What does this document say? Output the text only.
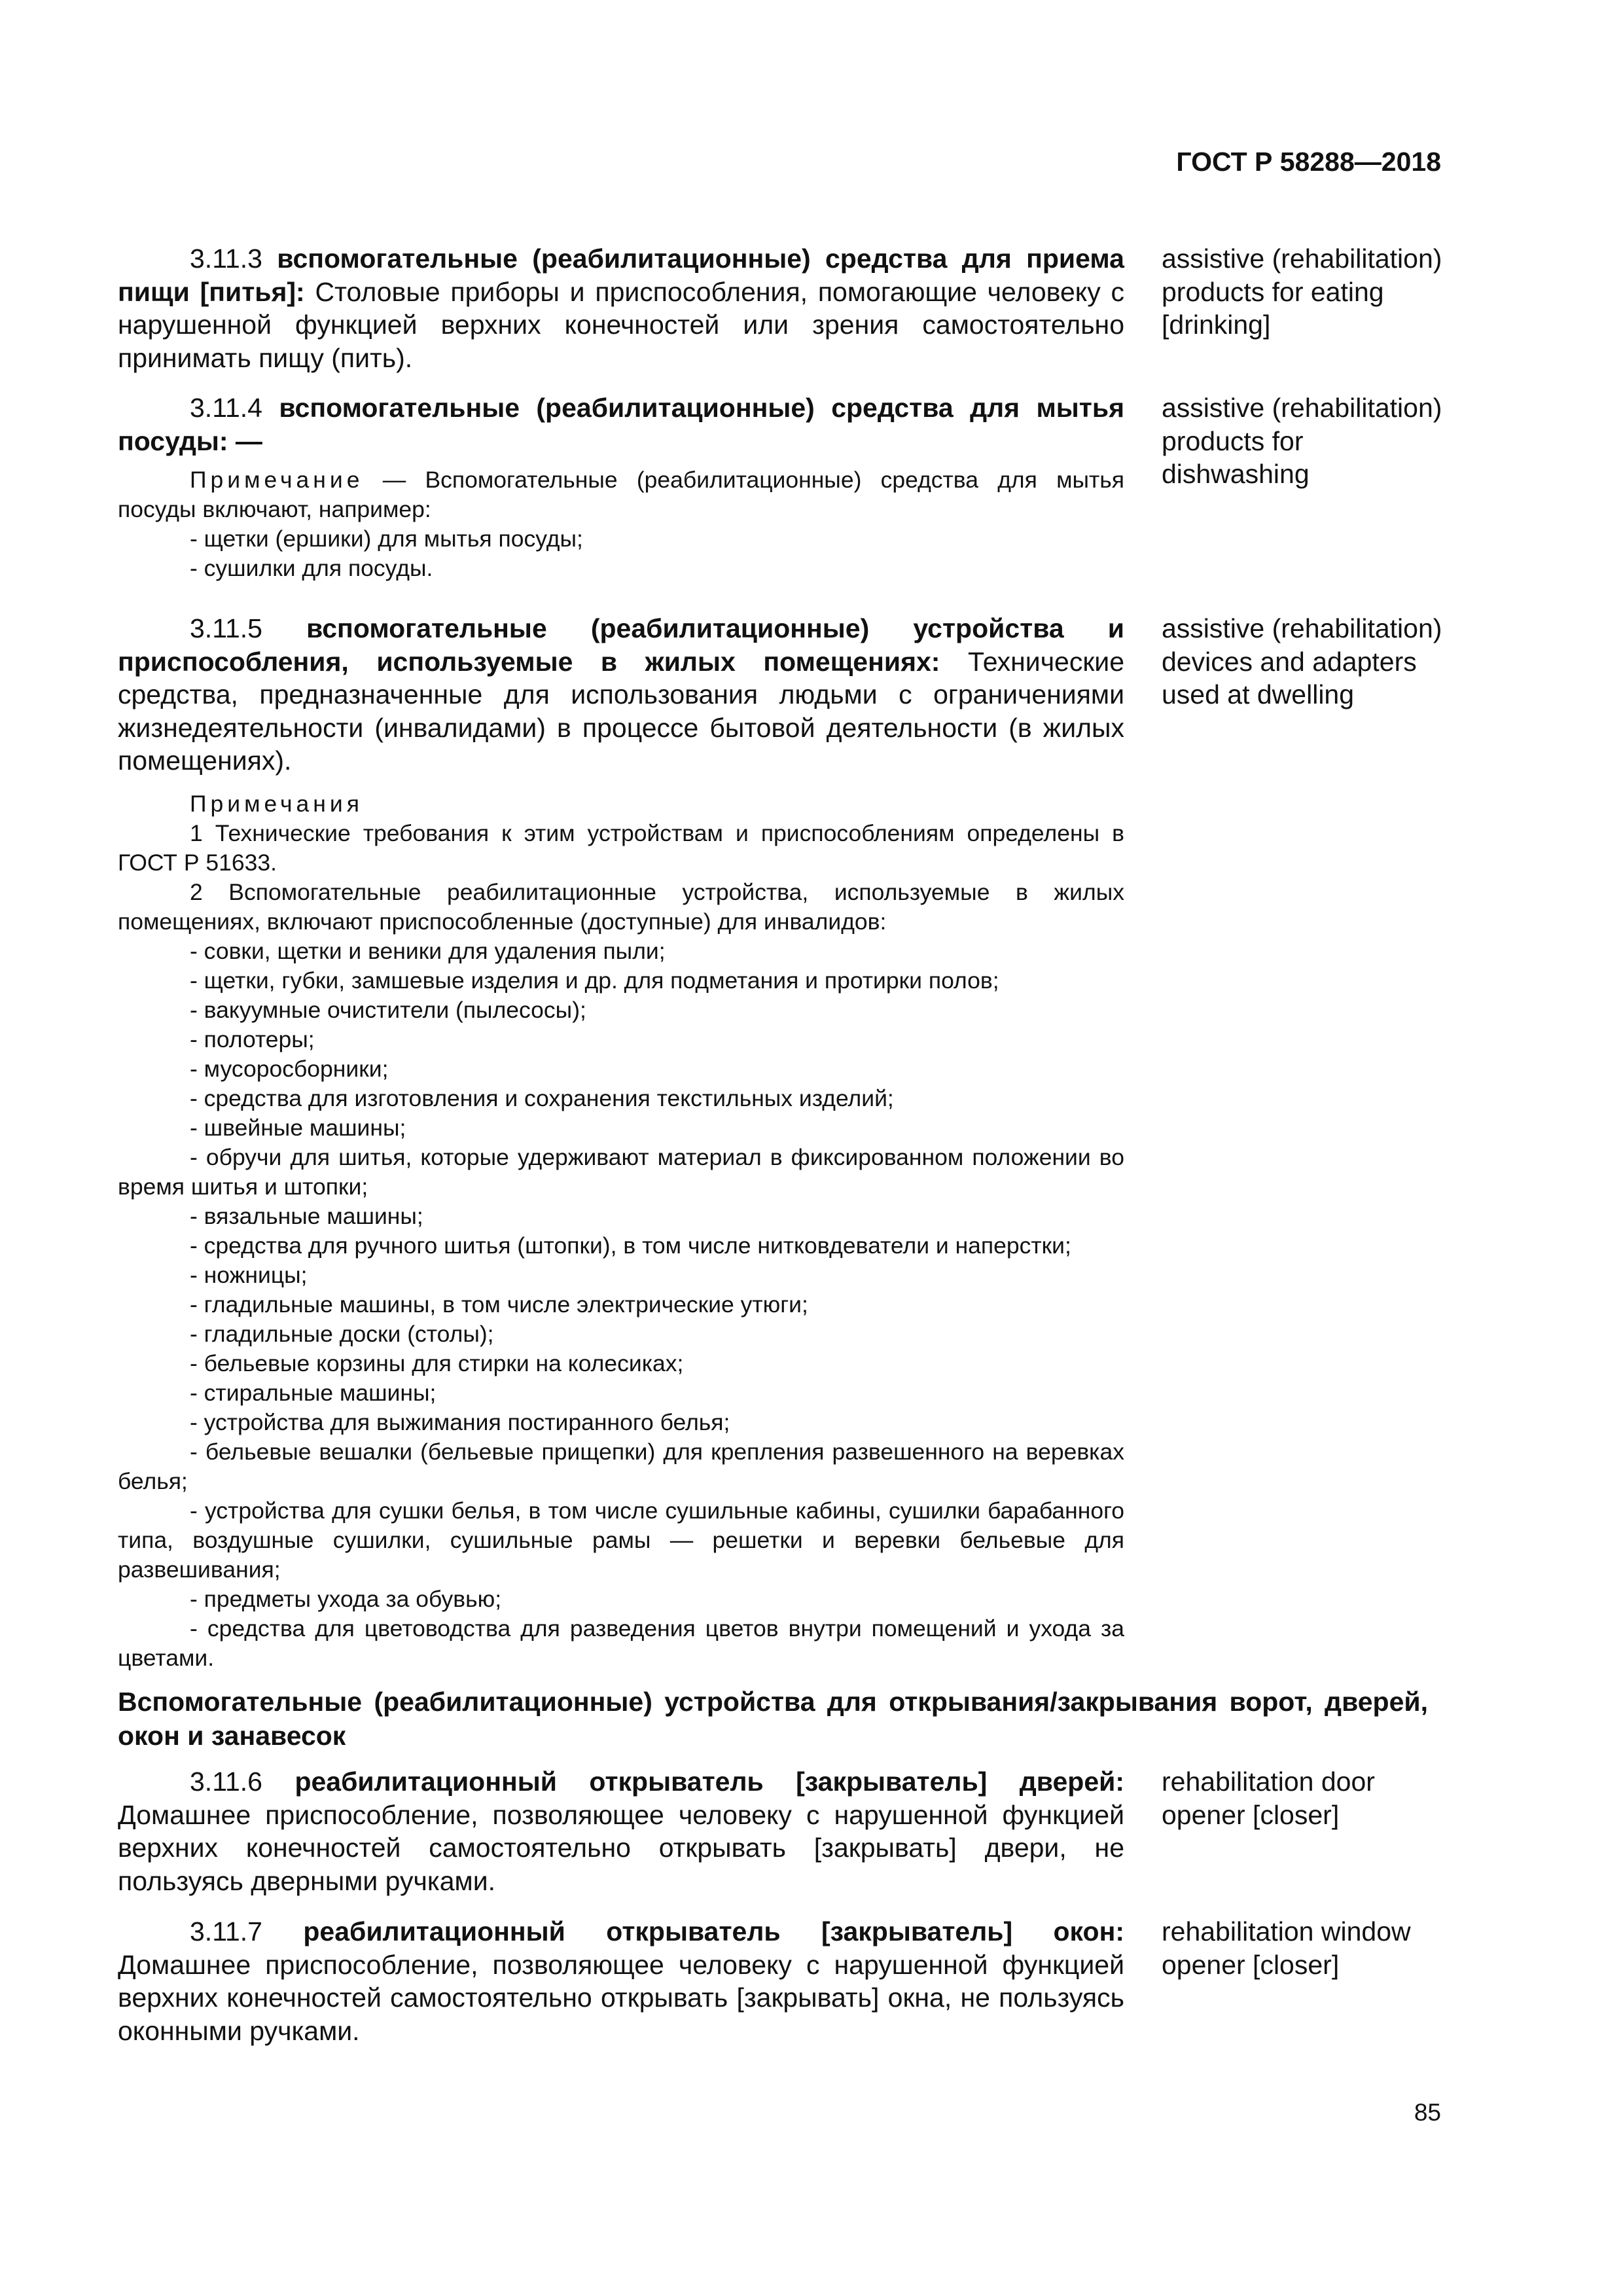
ГОСТ Р 58288—2018

3.11.3 вспомогательные (реабилитационные) средства для приема пищи [питья]: Столовые приборы и приспособления, помогающие человеку с нарушенной функцией верхних конечностей или зрения самостоятельно принимать пищу (пить).

assistive (rehabilitation) products for eating [drinking]

3.11.4 вспомогательные (реабилитационные) средства для мытья посуды: —

Примечание — Вспомогательные (реабилитационные) средства для мытья посуды включают, например:

- щетки (ершики) для мытья посуды;
- сушилки для посуды.
assistive (rehabilitation) products for dishwashing

3.11.5 вспомогательные (реабилитационные) устройства и приспособления, используемые в жилых помещениях: Технические средства, предназначенные для использования людьми с ограничениями жизнедеятельности (инвалидами) в процессе бытовой деятельности (в жилых помещениях).

Примечания

1 Технические требования к этим устройствам и приспособлениям определены в ГОСТ Р 51633.

2 Вспомогательные реабилитационные устройства, используемые в жилых помещениях, включают приспособленные (доступные) для инвалидов:

- совки, щетки и веники для удаления пыли;
- щетки, губки, замшевые изделия и др. для подметания и протирки полов;
- вакуумные очистители (пылесосы);
- полотеры;
- мусоросборники;
- средства для изготовления и сохранения текстильных изделий;
- швейные машины;
- обручи для шитья, которые удерживают материал в фиксированном положении во время шитья и штопки;
- вязальные машины;
- средства для ручного шитья (штопки), в том числе нитковдеватели и наперстки;
- ножницы;
- гладильные машины, в том числе электрические утюги;
- гладильные доски (столы);
- бельевые корзины для стирки на колесиках;
- стиральные машины;
- устройства для выжимания постиранного белья;
- бельевые вешалки (бельевые прищепки) для крепления развешенного на веревках белья;
- устройства для сушки белья, в том числе сушильные кабины, сушилки барабанного типа, воздушные сушилки, сушильные рамы — решетки и веревки бельевые для развешивания;
- предметы ухода за обувью;
- средства для цветоводства для разведения цветов внутри помещений и ухода за цветами.
assistive (rehabilitation) devices and adapters used at dwelling
Вспомогательные (реабилитационные) устройства для открывания/закрывания ворот, дверей, окон и занавесок

3.11.6 реабилитационный открыватель [закрыватель] дверей: Домашнее приспособление, позволяющее человеку с нарушенной функцией верхних конечностей самостоятельно открывать [закрывать] двери, не пользуясь дверными ручками.

rehabilitation door opener [closer]

3.11.7 реабилитационный открыватель [закрыватель] окон: Домашнее приспособление, позволяющее человеку с нарушенной функцией верхних конечностей самостоятельно открывать [закрывать] окна, не пользуясь оконными ручками.

rehabilitation window opener [closer]
85
